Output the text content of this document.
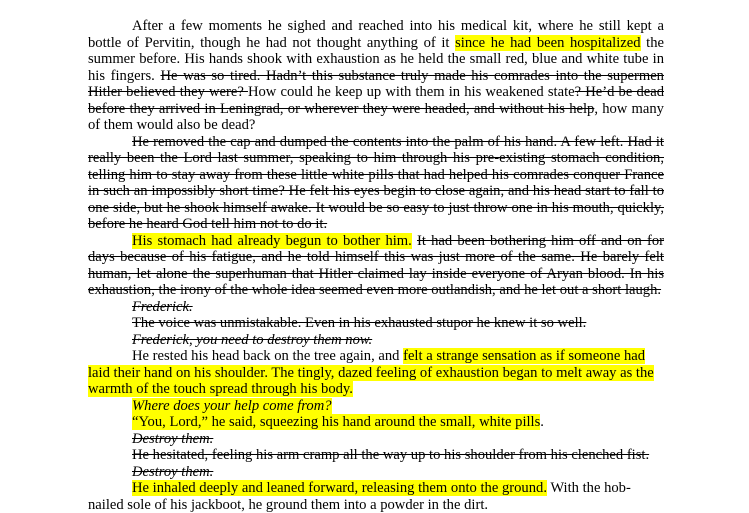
After a few moments he sighed and reached into his medical kit, where he still kept a bottle of Pervitin, though he had not thought anything of it since he had been hospitalized the summer before. His hands shook with exhaustion as he held the small red, blue and white tube in his fingers. He was so tired. Hadn’t this substance truly made his comrades into the supermen Hitler believed they were? How could he keep up with them in his weakened state? He’d be dead before they arrived in Leningrad, or wherever they were headed, and without his help, how many of them would also be dead?

He removed the cap and dumped the contents into the palm of his hand. A few left. Had it really been the Lord last summer, speaking to him through his pre-existing stomach condition, telling him to stay away from these little white pills that had helped his comrades conquer France in such an impossibly short time? He felt his eyes begin to close again, and his head start to fall to one side, but he shook himself awake. It would be so easy to just throw one in his mouth, quickly, before he heard God tell him not to do it.

His stomach had already begun to bother him. It had been bothering him off and on for days because of his fatigue, and he told himself this was just more of the same. He barely felt human, let alone the superhuman that Hitler claimed lay inside everyone of Aryan blood. In his exhaustion, the irony of the whole idea seemed even more outlandish, and he let out a short laugh.

Frederick.

The voice was unmistakable. Even in his exhausted stupor he knew it so well.

Frederick, you need to destroy them now.

He rested his head back on the tree again, and felt a strange sensation as if someone had laid their hand on his shoulder. The tingly, dazed feeling of exhaustion began to melt away as the warmth of the touch spread through his body.

Where does your help come from?

“You, Lord,” he said, squeezing his hand around the small, white pills.

Destroy them.

He hesitated, feeling his arm cramp all the way up to his shoulder from his clenched fist.

Destroy them.

He inhaled deeply and leaned forward, releasing them onto the ground. With the hob-nailed sole of his jackboot, he ground them into a powder in the dirt.
